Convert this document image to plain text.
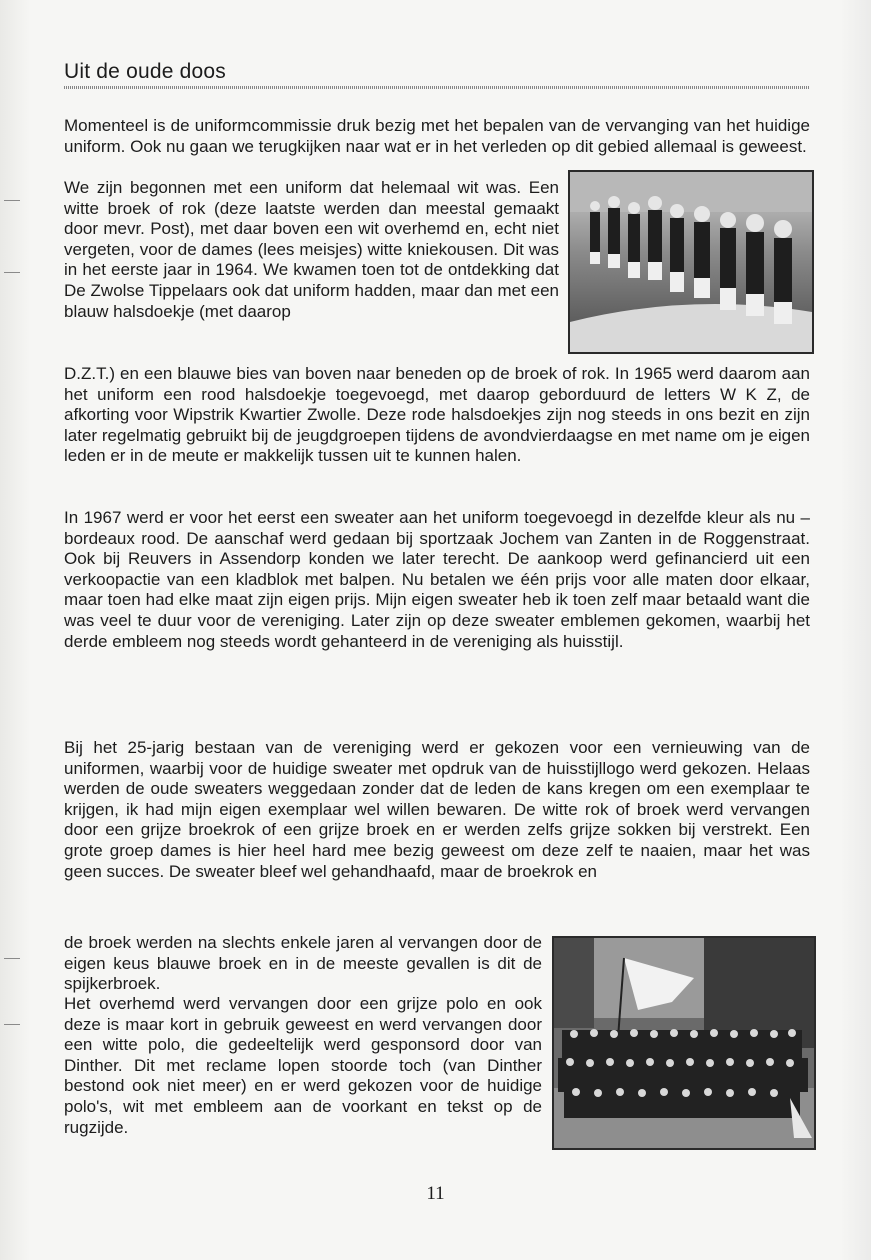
Uit de oude doos

Momenteel is de uniformcommissie druk bezig met het bepalen van de vervanging van het huidige uniform. Ook nu gaan we terugkijken naar wat er in het verleden op dit gebied allemaal is geweest.

We zijn begonnen met een uniform dat helemaal wit was. Een witte broek of rok (deze laatste werden dan meestal gemaakt door mevr. Post), met daar boven een wit overhemd en, echt niet vergeten, voor de dames (lees meisjes) witte kniekousen. Dit was in het eerste jaar in 1964. We kwamen toen tot de ontdekking dat De Zwolse Tippelaars ook dat uniform hadden, maar dan met een blauw halsdoekje (met daarop

D.Z.T.) en een blauwe bies van boven naar beneden op de broek of rok. In 1965 werd daarom aan het uniform een rood halsdoekje toegevoegd, met daarop geborduurd de letters W K Z, de afkorting voor Wipstrik Kwartier Zwolle. Deze rode halsdoekjes zijn nog steeds in ons bezit en zijn later regelmatig gebruikt bij de jeugdgroepen tijdens de avondvierdaagse en met name om je eigen leden er in de meute er makkelijk tussen uit te kunnen halen.

In 1967 werd er voor het eerst een sweater aan het uniform toegevoegd in dezelfde kleur als nu – bordeaux rood. De aanschaf werd gedaan bij sportzaak Jochem van Zanten in de Roggenstraat. Ook bij Reuvers in Assendorp konden we later terecht. De aankoop werd gefinancierd uit een verkoopactie van een kladblok met balpen. Nu betalen we één prijs voor alle maten door elkaar, maar toen had elke maat zijn eigen prijs. Mijn eigen sweater heb ik toen zelf maar betaald want die was veel te duur voor de vereniging. Later zijn op deze sweater emblemen gekomen, waarbij het derde embleem nog steeds wordt gehanteerd in de vereniging als huisstijl.

Bij het 25-jarig bestaan van de vereniging werd er gekozen voor een vernieuwing van de uniformen, waarbij voor de huidige sweater met opdruk van de huisstijllogo werd gekozen. Helaas werden de oude sweaters weggedaan zonder dat de leden de kans kregen om een exemplaar te krijgen, ik had mijn eigen exemplaar wel willen bewaren. De witte rok of broek werd vervangen door een grijze broekrok of een grijze broek en er werden zelfs grijze sokken bij verstrekt. Een grote groep dames is hier heel hard mee bezig geweest om deze zelf te naaien, maar het was geen succes. De sweater bleef wel gehandhaafd, maar de broekrok en

de broek werden na slechts enkele jaren al vervangen door de eigen keus blauwe broek en in de meeste gevallen is dit de spijkerbroek.

Het overhemd werd vervangen door een grijze polo en ook deze is maar kort in gebruik geweest en werd vervangen door een witte polo, die gedeeltelijk werd gesponsord door van Dinther. Dit met reclame lopen stoorde toch (van Dinther bestond ook niet meer) en er werd gekozen voor de huidige polo's, wit met embleem aan de voorkant en tekst op de rugzijde.

11
